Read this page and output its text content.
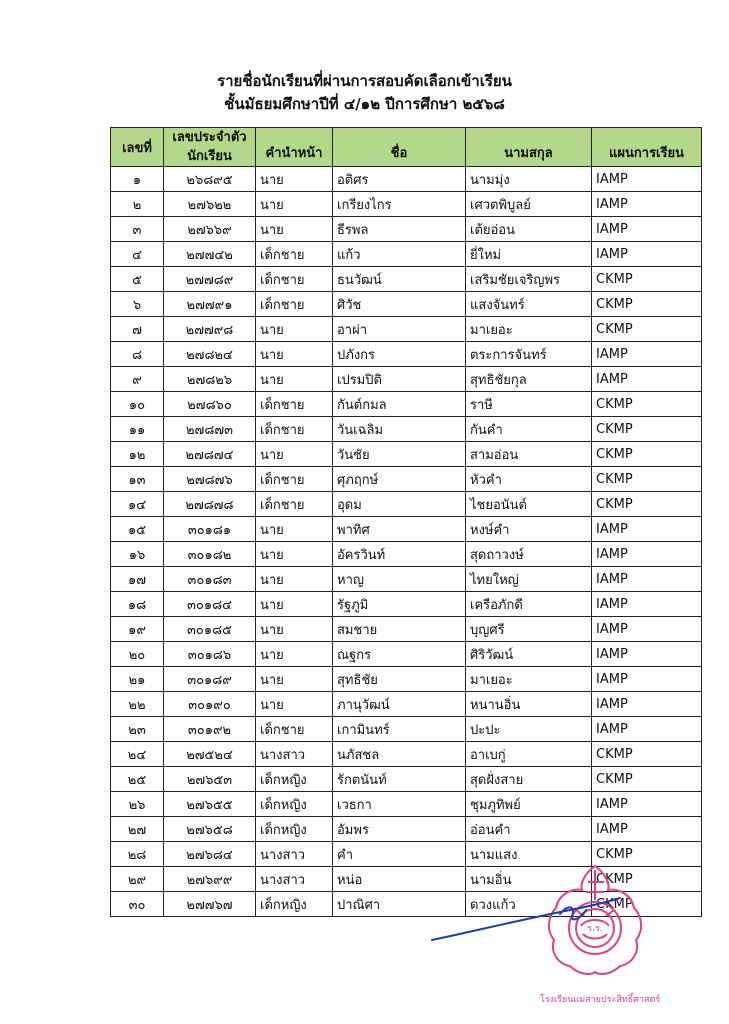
รายชื่อนักเรียนที่ผ่านการสอบคัดเลือกเข้าเรียน
ชั้นมัธยมศึกษาปีที่ ๔/๑๒ ปีการศึกษา ๒๕๖๘
เลขที่	เลขประจำตัว นักเรียน	คำนำหน้า	ชื่อ	นามสกุล	แผนการเรียน

๑	๒๖๘๙๕	นาย	อติศร	นามมุ่ง	IAMP
๒	๒๗๖๒๒	นาย	เกรียงไกร	เศวตพิบูลย์	IAMP
๓	๒๗๖๖๙	นาย	ธีรพล	เต้ยอ่อน	IAMP
๔	๒๗๗๔๒	เด็กชาย	แก้ว	ยี่ใหม่	IAMP
๕	๒๗๗๘๙	เด็กชาย	ธนวัฒน์	เสริมชัยเจริญพร	CKMP
๖	๒๗๗๙๑	เด็กชาย	ศิวัช	แสงจันทร์	CKMP
๗	๒๗๗๙๘	นาย	อาผ่า	มาเยอะ	CKMP
๘	๒๗๘๒๔	นาย	ปภังกร	ตระการจันทร์	IAMP
๙	๒๗๘๒๖	นาย	เปรมปิติ	สุทธิชัยกุล	IAMP
๑๐	๒๗๘๖๐	เด็กชาย	กันต์กมล	ราษี	CKMP
๑๑	๒๗๘๗๓	เด็กชาย	วันเฉลิม	กันคำ	CKMP
๑๒	๒๗๘๗๔	นาย	วันชัย	สามอ่อน	CKMP
๑๓	๒๗๘๗๖	เด็กชาย	ศุภฤกษ์	หัวคำ	CKMP
๑๔	๒๗๘๗๘	เด็กชาย	อุดม	ไชยอนันต์	CKMP
๑๕	๓๐๑๘๑	นาย	พาทิศ	หงษ์คำ	IAMP
๑๖	๓๐๑๘๒	นาย	อัครวินท์	สุดถาวงษ์	IAMP
๑๗	๓๐๑๘๓	นาย	หาญ	ไทยใหญ่	IAMP
๑๘	๓๐๑๘๔	นาย	รัฐภูมิ	เครือภักดี	IAMP
๑๙	๓๐๑๘๕	นาย	สมชาย	บุญศรี	IAMP
๒๐	๓๐๑๘๖	นาย	ณฐกร	ศิริวัฒน์	IAMP
๒๑	๓๐๑๘๙	นาย	สุทธิชัย	มาเยอะ	IAMP
๒๒	๓๐๑๙๐	นาย	ภานุวัฒน์	หนานอิ่น	IAMP
๒๓	๓๐๑๙๒	เด็กชาย	เกามินทร์	ปะปะ	IAMP
๒๔	๒๗๕๒๔	นางสาว	นภัสชล	อาเบกู่	CKMP
๒๕	๒๗๖๕๓	เด็กหญิง	รักตนันท์	สุดฝั่งสาย	CKMP
๒๖	๒๗๖๕๕	เด็กหญิง	เวธกา	ชุมภูทิพย์	IAMP
๒๗	๒๗๖๕๘	เด็กหญิง	อัมพร	อ่อนคำ	IAMP
๒๘	๒๗๖๘๔	นางสาว	คำ	นามแสง	CKMP
๒๙	๒๗๖๙๙	นางสาว	หน่อ	นามอิ่น	CKMP
๓๐	๒๗๗๖๗	เด็กหญิง	ปาณิศา	ดวงแก้ว	CKMP
ร.ร.
โรงเรียนแม่สายประสิทธิ์ศาสตร์
